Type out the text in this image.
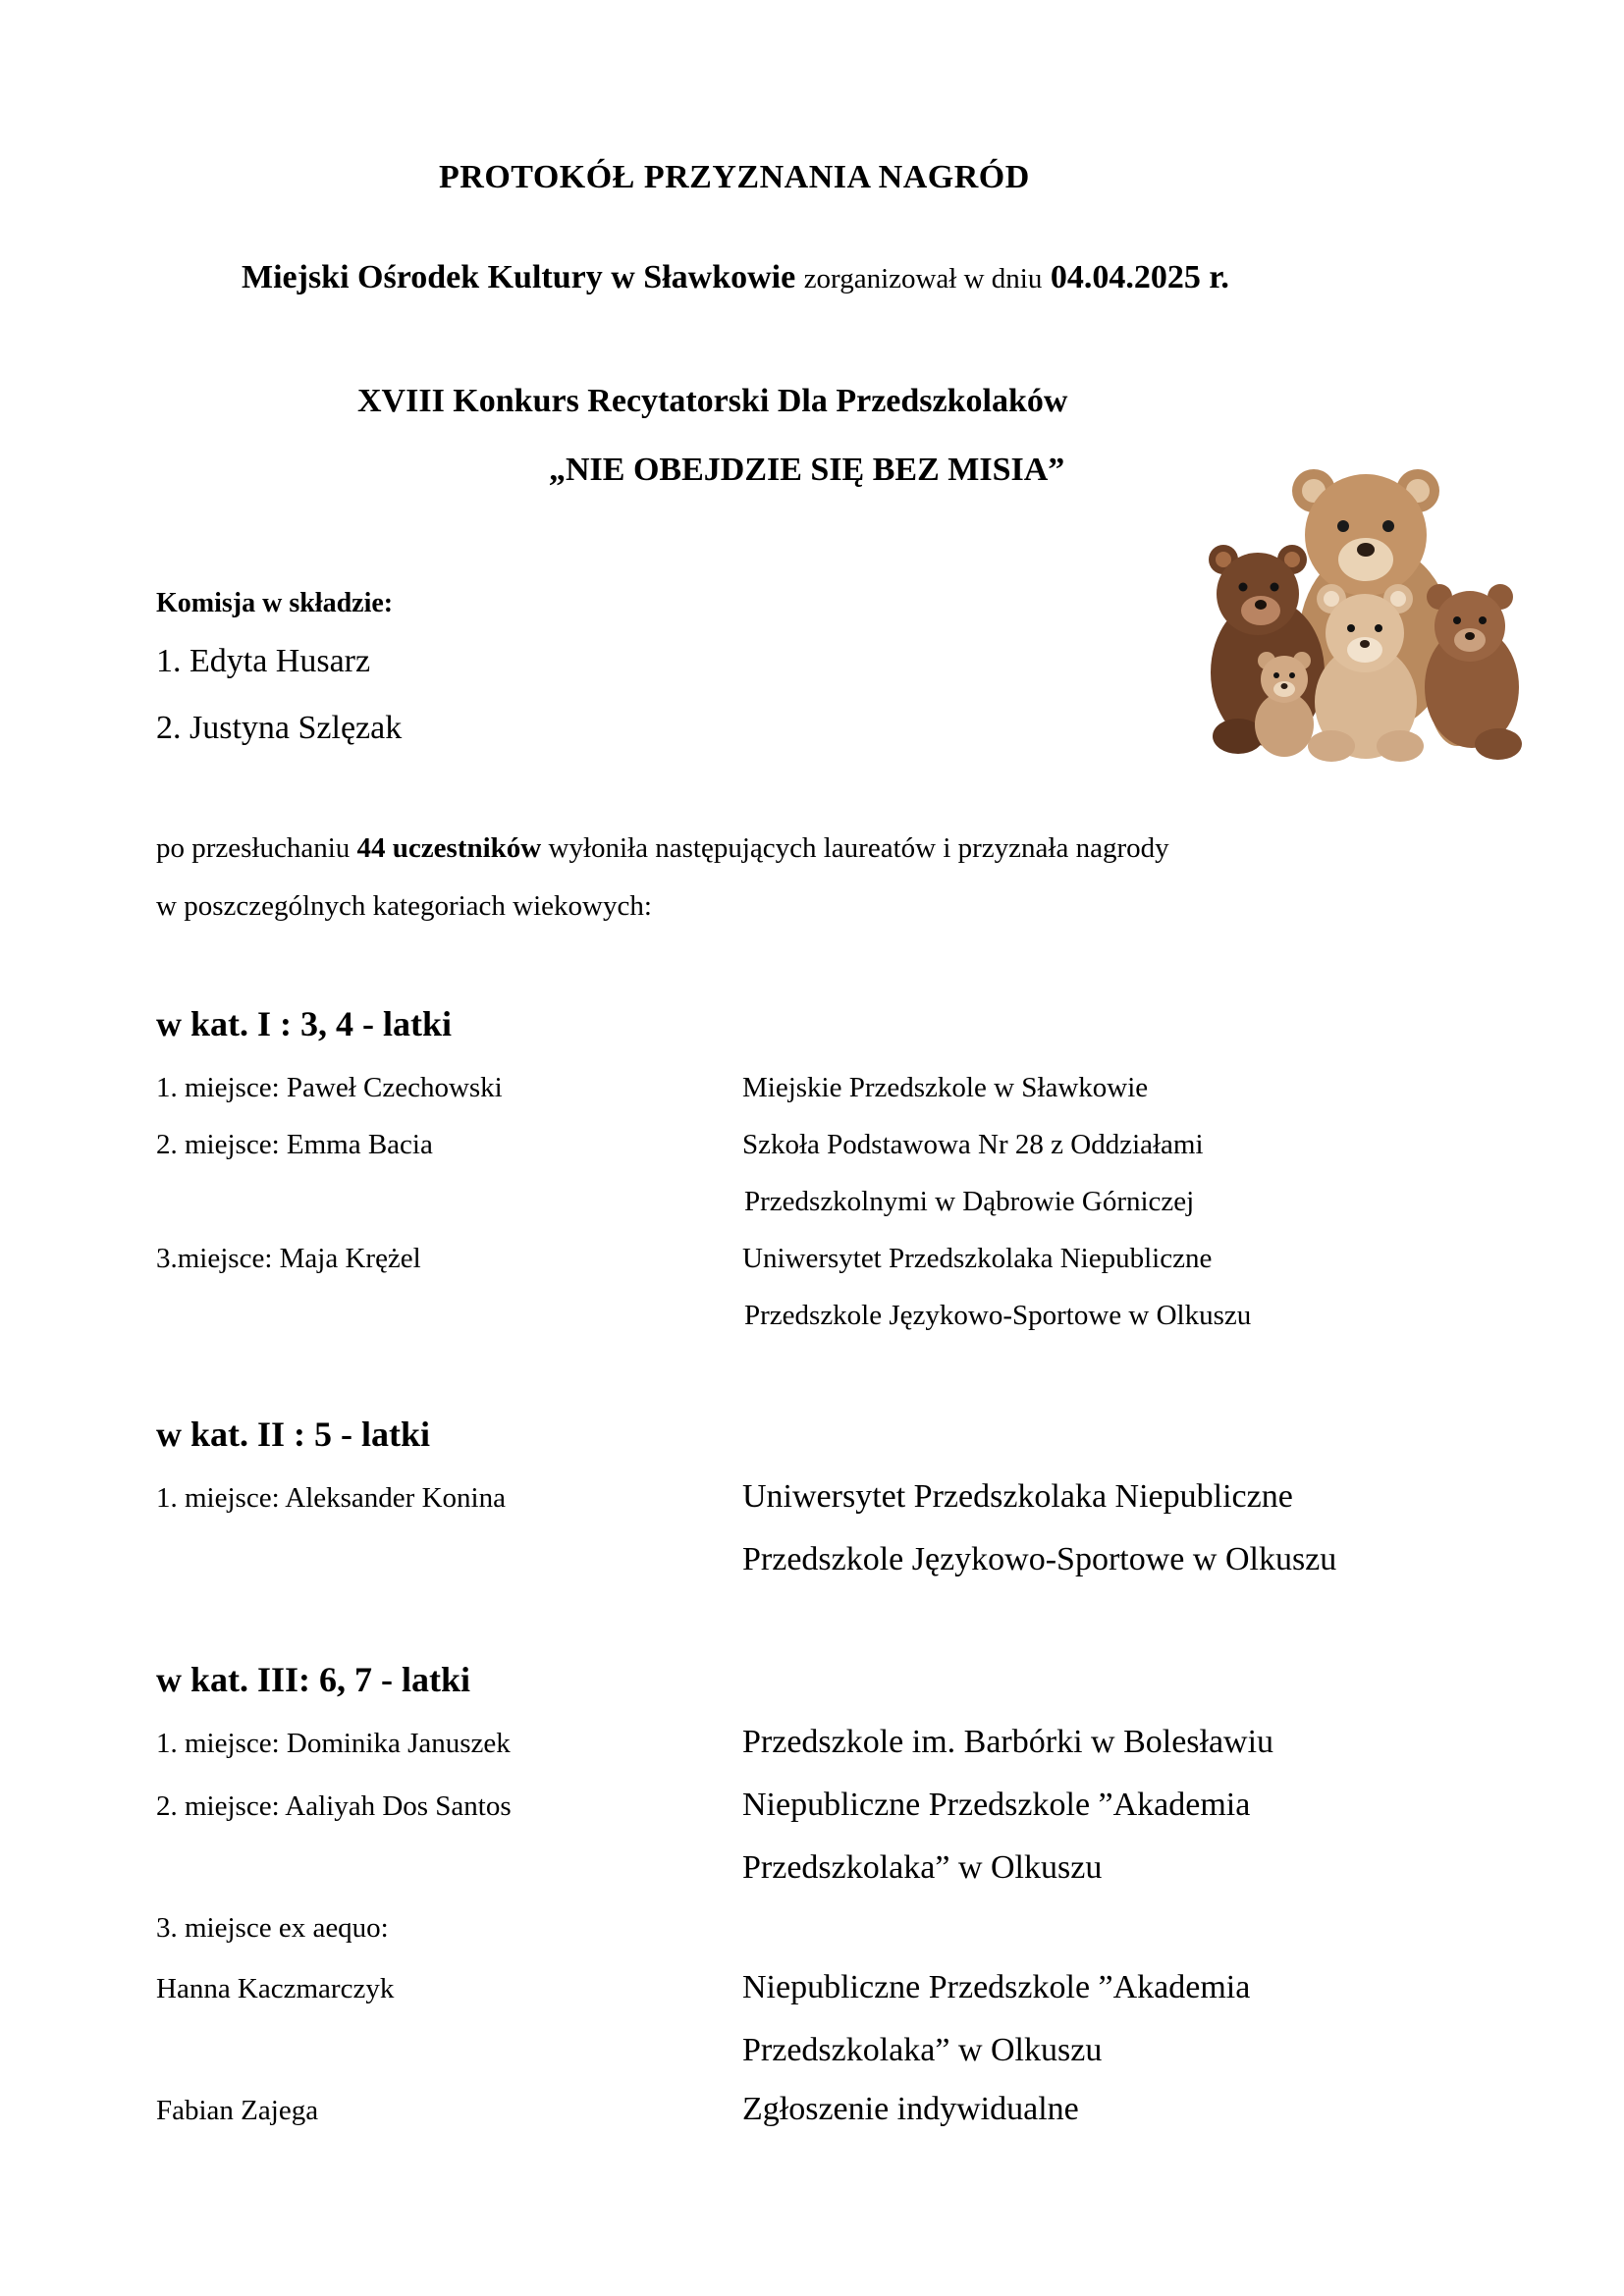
PROTOKÓŁ PRZYZNANIA NAGRÓD
Miejski Ośrodek Kultury w Sławkowie zorganizował w dniu 04.04.2025 r.
XVIII Konkurs Recytatorski Dla Przedszkolaków
„NIE OBEJDZIE SIĘ BEZ MISIA”
Komisja w składzie:
1. Edyta Husarz
2. Justyna Szlęzak
po przesłuchaniu 44 uczestników wyłoniła następujących laureatów i przyznała nagrody
w poszczególnych kategoriach wiekowych:
w kat. I : 3, 4 - latki
1. miejsce: Paweł Czechowski	Miejskie Przedszkole w Sławkowie
2. miejsce: Emma Bacia	Szkoła Podstawowa Nr 28 z Oddziałami
Przedszkolnymi w Dąbrowie Górniczej
3.miejsce: Maja Krężel	Uniwersytet Przedszkolaka Niepubliczne
Przedszkole Językowo-Sportowe w Olkuszu
w kat. II : 5 - latki
1. miejsce: Aleksander Konina	Uniwersytet Przedszkolaka Niepubliczne
Przedszkole Językowo-Sportowe w Olkuszu
w kat. III: 6, 7 - latki
1. miejsce: Dominika Januszek	Przedszkole im. Barbórki w Bolesławiu
2. miejsce: Aaliyah Dos Santos	Niepubliczne Przedszkole ”Akademia
Przedszkolaka” w Olkuszu
3. miejsce ex aequo:
Hanna Kaczmarczyk	Niepubliczne Przedszkole ”Akademia
Przedszkolaka” w Olkuszu
Fabian Zajega	Zgłoszenie indywidualne
